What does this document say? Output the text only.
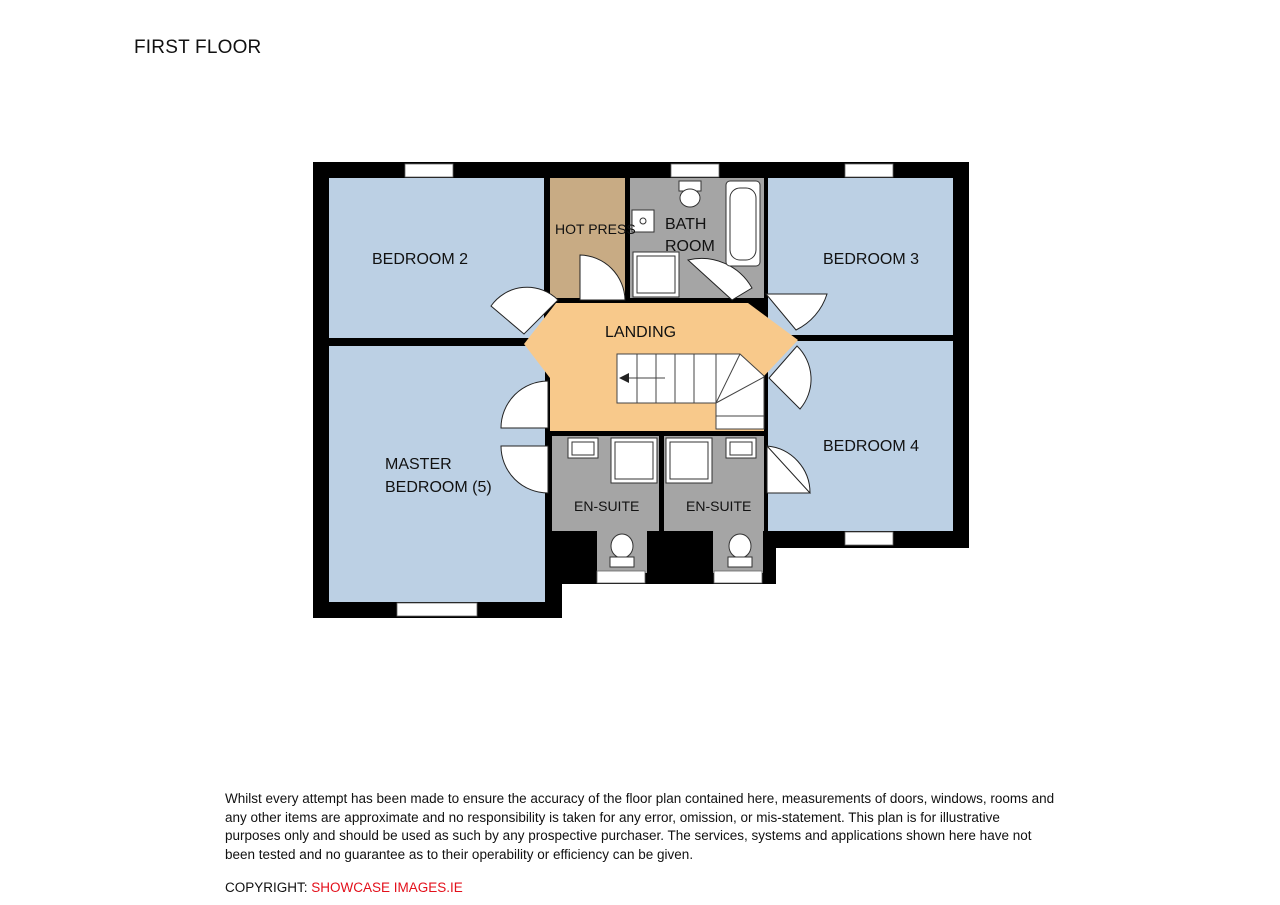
FIRST FLOOR
BEDROOM 2
HOT PRESS BATH
ROOM
BEDROOM 3
LANDING
MASTER
BEDROOM (5)
EN-SUITE	EN-SUITE
BEDROOM 4
Whilst every attempt has been made to ensure the accuracy of the floor plan contained here, measurements of doors, windows, rooms and any other items are approximate and no responsibility is taken for any error, omission, or mis-statement. This plan is for illustrative purposes only and should be used as such by any prospective purchaser. The services, systems and applications shown here have not been tested and no guarantee as to their operability or efficiency can be given.
COPYRIGHT: SHOWCASE IMAGES.IE
